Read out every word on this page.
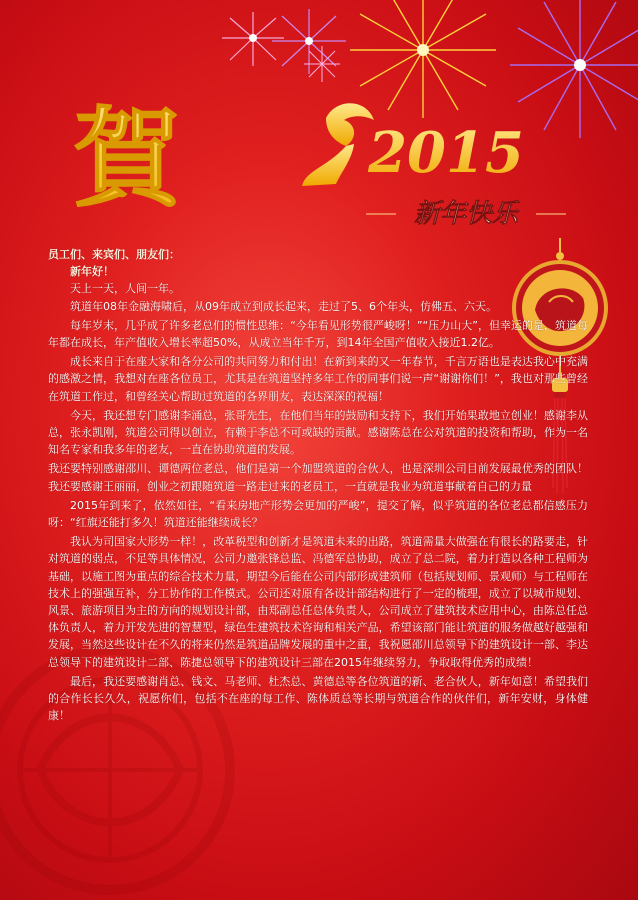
賀	2015
新年快乐

员工们、来宾们、朋友们：

新年好！

天上一天，人间一年。

筑道年08年金融海啸后，从09年成立到成长起来，走过了5、6个年头，仿佛五、六天。

每年岁末，几乎成了许多老总们的惯性思维：“今年看见形势很严峻呀！”“压力山大”，但幸运的是，筑道每年都在成长，年产值收入增长率超50%，从成立当年千万，到14年全国产值收入接近1.2亿。

成长来自于在座大家和各分公司的共同努力和付出！在新到来的又一年春节，千言万语也是表达我心中充满的感激之情，我想对在座各位员工，尤其是在筑道坚持多年工作的同事们说一声“谢谢你们！”，我也对那些曾经在筑道工作过，和曾经关心帮助过筑道的各界朋友，表达深深的祝福！

今天，我还想专门感谢李涌总，张哥先生，在他们当年的鼓励和支持下，我们开始果敢地立创业！感谢李从总，张永凯刚，筑道公司得以创立，有赖于李总不可或缺的贡献。感谢陈总在公对筑道的投资和帮助，作为一名知名专家和我多年的老友，一直在协助筑道的发展。

我还要特别感谢邵川、谭德两位老总，他们是第一个加盟筑道的合伙人，也是深圳公司目前发展最优秀的团队！我还要感谢王丽丽，创业之初跟随筑道一路走过来的老员工，一直就是我业为筑道事献着自己的力量

2015年到来了，依然如往，“看来房地产形势会更加的严峻”，提交了解，似乎筑道的各位老总都信感压力呀：“红旗还能打多久！筑道还能继续成长？

我认为司国家大形势一样！，改革税型和创新才是筑道未来的出路，筑道需量大做强在有很长的路要走，针对筑道的弱点，不足等具体情况，公司力邀张锋总监、冯德军总协助，成立了总二院，着力打造以各种工程师为基础，以施工图为重点的综合技术力量，期望今后能在公司内部形成建筑师（包括规划师、景观师）与工程师在技术上的强强互补，分工协作的工作模式。公司还对原有各设计部结构进行了一定的梳理，成立了以城市规划、风景、旅游项目为主的方向的规划设计部，由郑副总任总体负责人，公司成立了建筑技术应用中心，由陈总任总体负责人，着力开发先进的智慧型，绿色生建筑技术咨询和相关产品，希望该部门能让筑道的服务做越好越强和发展，当然这些设计在不久的将来仍然是筑道品牌发展的重中之重，我祝愿邵川总领导下的建筑设计一部、李达总领导下的建筑设计二部、陈捷总领导下的建筑设计三部在2015年继续努力，争取取得优秀的成绩！

最后，我还要感谢肖总、钱文、马老师、杜杰总、黄德总等各位筑道的新、老合伙人，新年如意！希望我们的合作长长久久，祝愿你们，包括不在座的每工作、陈体质总等长期与筑道合作的伙伴们，新年安财，身体健康！
